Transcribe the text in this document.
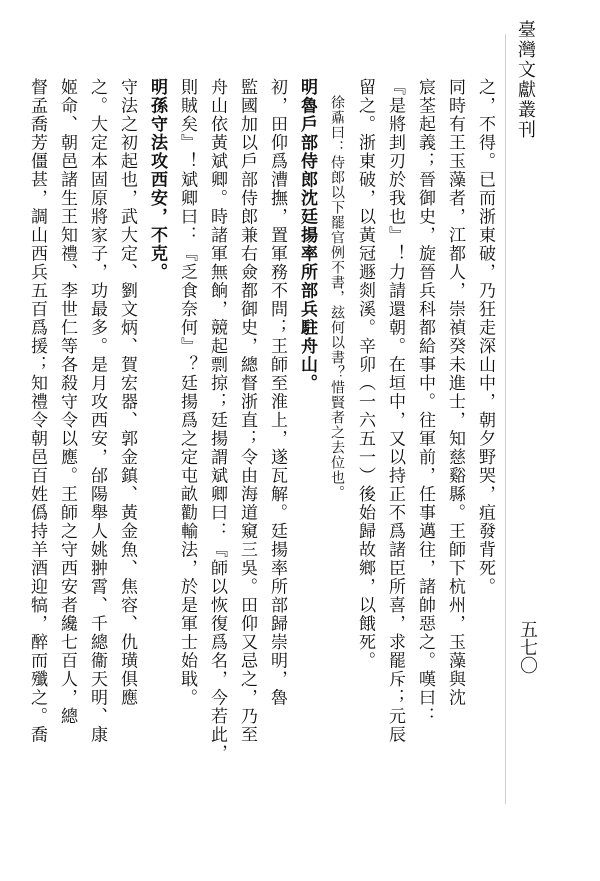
臺灣文獻叢刊
五七〇
之，不得。已而浙東破，乃狂走深山中，朝夕野哭，疽發背死。
同時有王玉藻者，江都人，崇禎癸未進士，知慈谿縣。王師下杭州，玉藻與沈
宸荃起義；晉御史，旋晉兵科都給事中。往軍前，任事邁往，諸帥惡之。嘆曰：
『是將刲刃於我也』！力請還朝。在垣中，又以持正不爲諸臣所喜，求罷斥；元辰
留之。浙東破，以黃冠遯剡溪。辛卯（一六五一）後始歸故鄉，以餓死。
徐鼒曰：侍郎以下罷官例不書，玆何以書？惜賢者之去位也。
明魯戶部侍郎沈廷揚率所部兵駐舟山。
初，田仰爲漕撫，置軍務不問；王師至淮上，遂瓦解。廷揚率所部歸崇明，魯
監國加以戶部侍郎兼右僉都御史，總督浙直；令由海道窺三吳。田仰又忌之，乃至
舟山依黃斌卿。時諸軍無餉，競起剽掠；廷揚謂斌卿曰：『師以恢復爲名，今若此，
則賊矣』！斌卿曰：『乏食奈何』？廷揚爲之定屯畝勸輸法，於是軍士始戢。
明孫守法攻西安，不克。
守法之初起也，武大定、劉文炳、賀宏器、郭金鎮、黃金魚、焦容、仇璜俱應
之。大定本固原將家子，功最多。是月攻西安，邰陽舉人姚翀霄、千總衞天明、康
姬命、朝邑諸生王知禮、李世仁等各殺守令以應。王師之守西安者纔七百人，總
督孟喬芳僵甚，調山西兵五百爲援；知禮令朝邑百姓僞持羊酒迎犒，醉而殲之。喬
